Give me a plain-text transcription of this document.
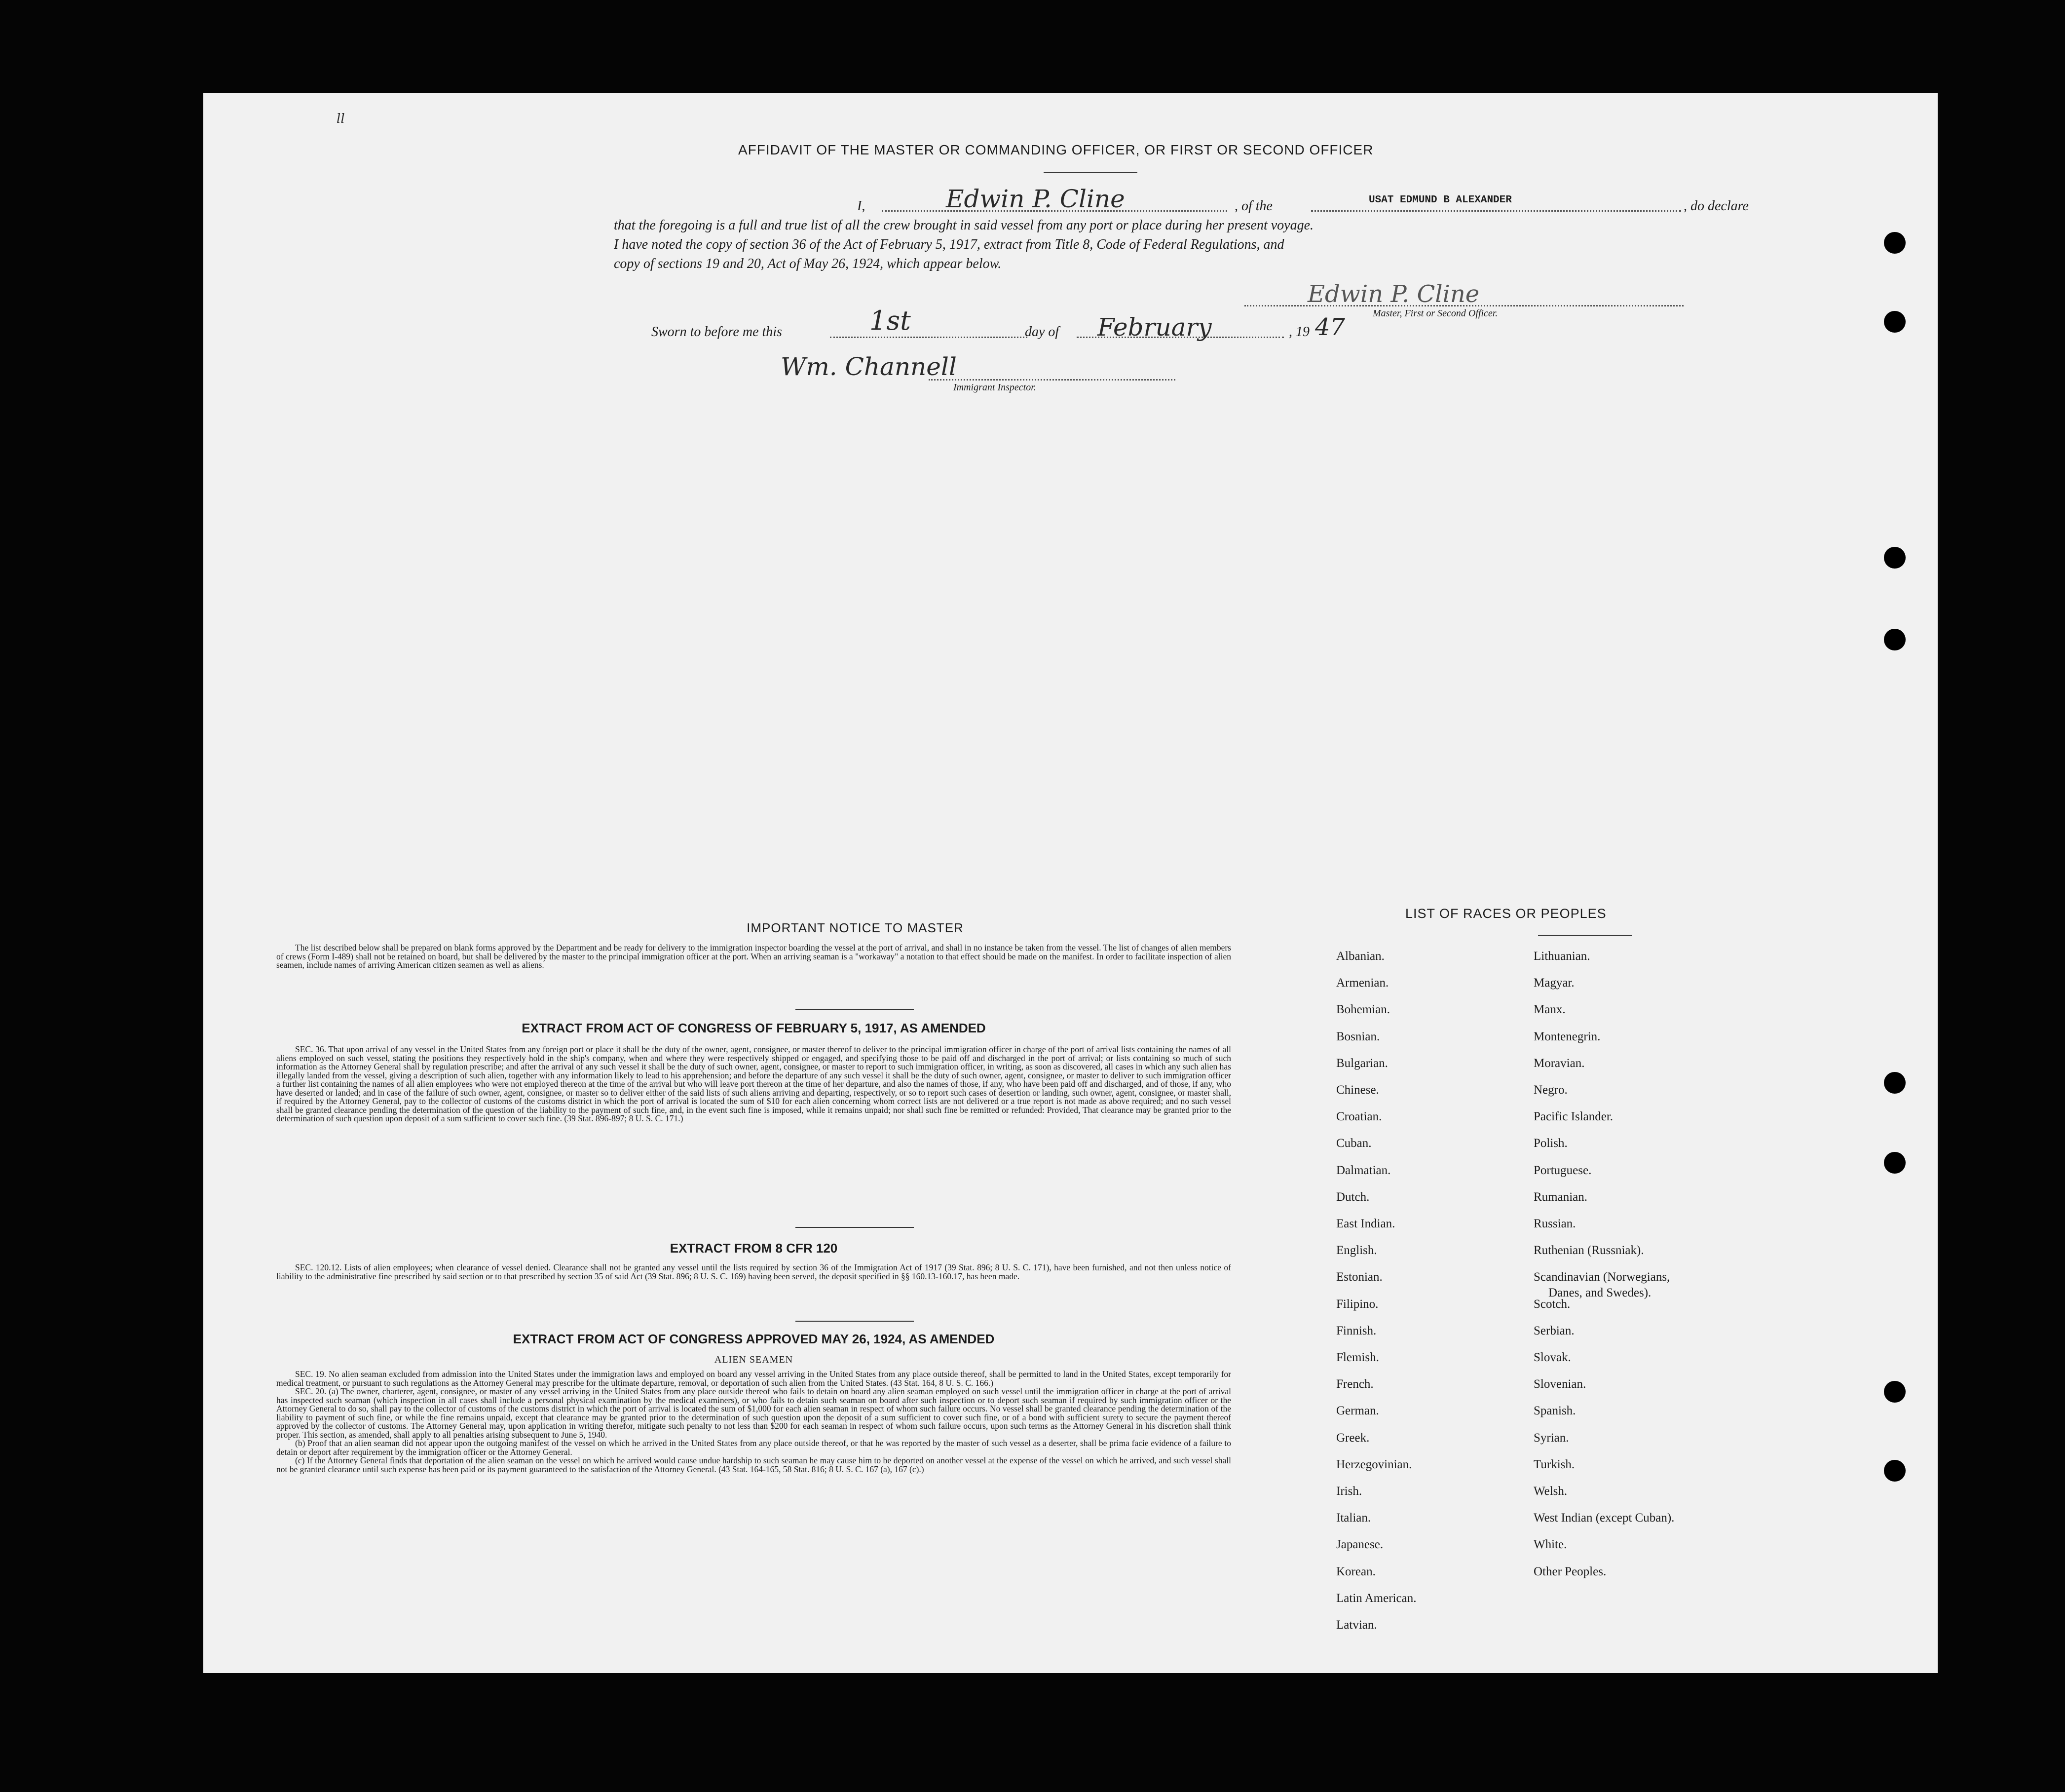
ll
AFFIDAVIT OF THE MASTER OR COMMANDING OFFICER, OR FIRST OR SECOND OFFICER
I,	Edwin P. Cline	, of the	USAT EDMUND B ALEXANDER	, do declare
that the foregoing is a full and true list of all the crew brought in said vessel from any port or place during her present voyage.
I have noted the copy of section 36 of the Act of February 5, 1917, extract from Title 8, Code of Federal Regulations, and
copy of sections 19 and 20, Act of May 26, 1924, which appear below.
Edwin P. Cline
Master, First or Second Officer.
Sworn to before me this	1st	day of February	, 19 47
Wm. Channell
Immigrant Inspector.
IMPORTANT NOTICE TO MASTER

The list described below shall be prepared on blank forms approved by the Department and be ready for delivery to the immigration inspector boarding the vessel at the port of arrival, and shall in no instance be taken from the vessel. The list of changes of alien members of crews (Form I-489) shall not be retained on board, but shall be delivered by the master to the principal immigration officer at the port. When an arriving seaman is a "workaway" a notation to that effect should be made on the manifest. In order to facilitate inspection of alien seamen, include names of arriving American citizen seamen as well as aliens.

EXTRACT FROM ACT OF CONGRESS OF FEBRUARY 5, 1917, AS AMENDED

SEC. 36. That upon arrival of any vessel in the United States from any foreign port or place it shall be the duty of the owner, agent, consignee, or master thereof to deliver to the principal immigration officer in charge of the port of arrival lists containing the names of all aliens employed on such vessel, stating the positions they respectively hold in the ship's company, when and where they were respectively shipped or engaged, and specifying those to be paid off and discharged in the port of arrival; or lists containing so much of such information as the Attorney General shall by regulation prescribe; and after the arrival of any such vessel it shall be the duty of such owner, agent, consignee, or master to report to such immigration officer, in writing, as soon as discovered, all cases in which any such alien has illegally landed from the vessel, giving a description of such alien, together with any information likely to lead to his apprehension; and before the departure of any such vessel it shall be the duty of such owner, agent, consignee, or master to deliver to such immigration officer a further list containing the names of all alien employees who were not employed thereon at the time of the arrival but who will leave port thereon at the time of her departure, and also the names of those, if any, who have been paid off and discharged, and of those, if any, who have deserted or landed; and in case of the failure of such owner, agent, consignee, or master so to deliver either of the said lists of such aliens arriving and departing, respectively, or so to report such cases of desertion or landing, such owner, agent, consignee, or master shall, if required by the Attorney General, pay to the collector of customs of the customs district in which the port of arrival is located the sum of $10 for each alien concerning whom correct lists are not delivered or a true report is not made as above required; and no such vessel shall be granted clearance pending the determination of the question of the liability to the payment of such fine, and, in the event such fine is imposed, while it remains unpaid; nor shall such fine be remitted or refunded: Provided, That clearance may be granted prior to the determination of such question upon deposit of a sum sufficient to cover such fine. (39 Stat. 896-897; 8 U. S. C. 171.)

EXTRACT FROM 8 CFR 120

SEC. 120.12. Lists of alien employees; when clearance of vessel denied. Clearance shall not be granted any vessel until the lists required by section 36 of the Immigration Act of 1917 (39 Stat. 896; 8 U. S. C. 171), have been furnished, and not then unless notice of liability to the administrative fine prescribed by said section or to that prescribed by section 35 of said Act (39 Stat. 896; 8 U. S. C. 169) having been served, the deposit specified in §§ 160.13-160.17, has been made.

EXTRACT FROM ACT OF CONGRESS APPROVED MAY 26, 1924, AS AMENDED
ALIEN SEAMEN

SEC. 19. No alien seaman excluded from admission into the United States under the immigration laws and employed on board any vessel arriving in the United States from any place outside thereof, shall be permitted to land in the United States, except temporarily for medical treatment, or pursuant to such regulations as the Attorney General may prescribe for the ultimate departure, removal, or deportation of such alien from the United States. (43 Stat. 164, 8 U. S. C. 166.)

SEC. 20. (a) The owner, charterer, agent, consignee, or master of any vessel arriving in the United States from any place outside thereof who fails to detain on board any alien seaman employed on such vessel until the immigration officer in charge at the port of arrival has inspected such seaman (which inspection in all cases shall include a personal physical examination by the medical examiners), or who fails to detain such seaman on board after such inspection or to deport such seaman if required by such immigration officer or the Attorney General to do so, shall pay to the collector of customs of the customs district in which the port of arrival is located the sum of $1,000 for each alien seaman in respect of whom such failure occurs. No vessel shall be granted clearance pending the determination of the liability to payment of such fine, or while the fine remains unpaid, except that clearance may be granted prior to the determination of such question upon the deposit of a sum sufficient to cover such fine, or of a bond with sufficient surety to secure the payment thereof approved by the collector of customs. The Attorney General may, upon application in writing therefor, mitigate such penalty to not less than $200 for each seaman in respect of whom such failure occurs, upon such terms as the Attorney General in his discretion shall think proper. This section, as amended, shall apply to all penalties arising subsequent to June 5, 1940.

(b) Proof that an alien seaman did not appear upon the outgoing manifest of the vessel on which he arrived in the United States from any place outside thereof, or that he was reported by the master of such vessel as a deserter, shall be prima facie evidence of a failure to detain or deport after requirement by the immigration officer or the Attorney General.

(c) If the Attorney General finds that deportation of the alien seaman on the vessel on which he arrived would cause undue hardship to such seaman he may cause him to be deported on another vessel at the expense of the vessel on which he arrived, and such vessel shall not be granted clearance until such expense has been paid or its payment guaranteed to the satisfaction of the Attorney General. (43 Stat. 164-165, 58 Stat. 816; 8 U. S. C. 167 (a), 167 (c).)

LIST OF RACES OR PEOPLES
Albanian.
Armenian.
Bohemian.
Bosnian.
Bulgarian.
Chinese.
Croatian.
Cuban.
Dalmatian.
Dutch.
East Indian.
English.
Estonian.
Filipino.
Finnish.
Flemish.
French.
German.
Greek.
Herzegovinian.
Irish.
Italian.
Japanese.
Korean.
Latin American.
Latvian.
Lithuanian.
Magyar.
Manx.
Montenegrin.
Moravian.
Negro.
Pacific Islander.
Polish.
Portuguese.
Rumanian.
Russian.
Ruthenian (Russniak).
Scandinavian (Norwegians,
Danes, and Swedes).
Scotch.
Serbian.
Slovak.
Slovenian.
Spanish.
Syrian.
Turkish.
Welsh.
West Indian (except Cuban).
White.
Other Peoples.
